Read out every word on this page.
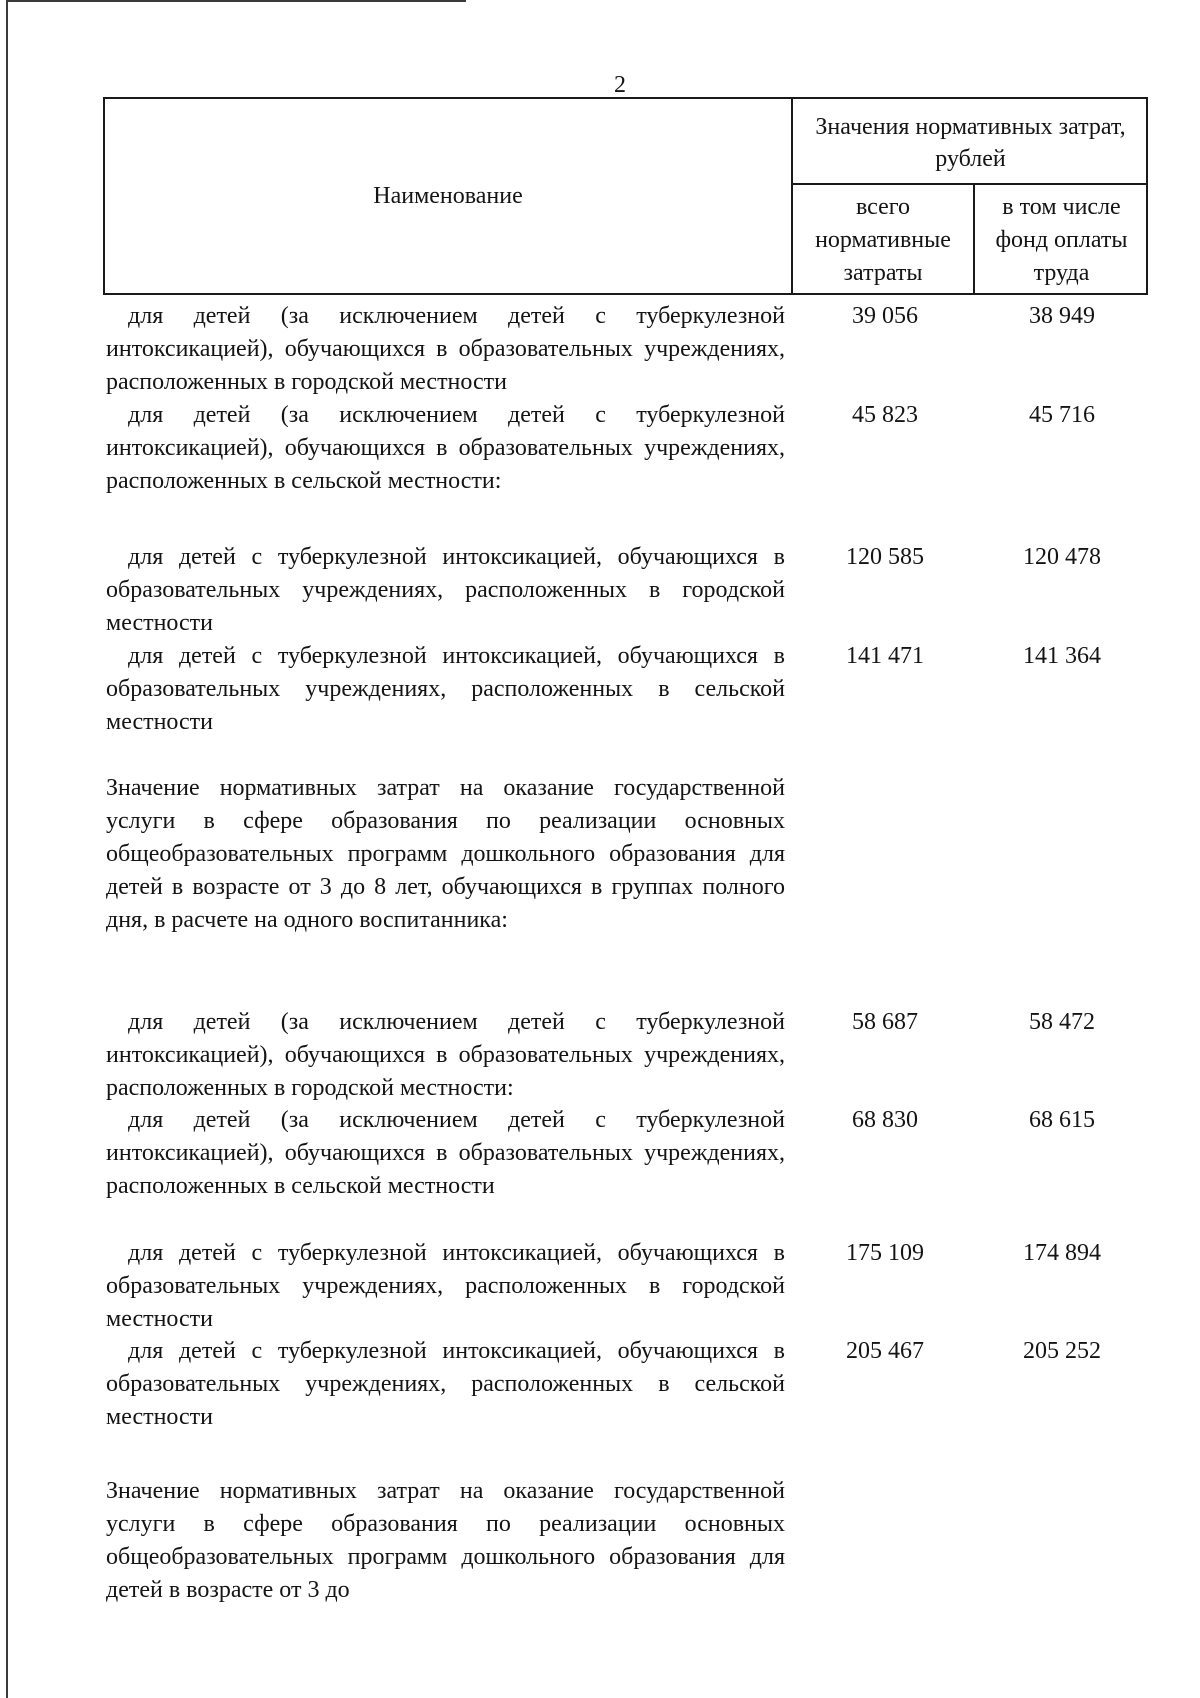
2
Наименование
Значения нормативных затрат, рублей
всего нормативные затраты
в том числе фонд оплаты труда
для детей (за исключением детей с туберкулезной интоксикацией), обучающихся в образовательных учреждениях, расположенных в городской местности
39 056	38 949
для детей (за исключением детей с туберкулезной интоксикацией), обучающихся в образовательных учреждениях, расположенных в сельской местности:
45 823	45 716
для детей с туберкулезной интоксикацией, обучающихся в образовательных учреждениях, расположенных в городской местности
120 585	120 478
для детей с туберкулезной интоксикацией, обучающихся в образовательных учреждениях, расположенных в сельской местности
141 471	141 364
Значение нормативных затрат на оказание государственной услуги в сфере образования по реализации основных общеобразовательных программ дошкольного образования для детей в возрасте от 3 до 8 лет, обучающихся в группах полного дня, в расчете на одного воспитанника:
для детей (за исключением детей с туберкулезной интоксикацией), обучающихся в образовательных учреждениях, расположенных в городской местности:
58 687	58 472
для детей (за исключением детей с туберкулезной интоксикацией), обучающихся в образовательных учреждениях, расположенных в сельской местности
68 830	68 615
для детей с туберкулезной интоксикацией, обучающихся в образовательных учреждениях, расположенных в городской местности
175 109	174 894
для детей с туберкулезной интоксикацией, обучающихся в образовательных учреждениях, расположенных в сельской местности
205 467	205 252
Значение нормативных затрат на оказание государственной услуги в сфере образования по реализации основных общеобразовательных программ дошкольного образования для детей в возрасте от 3 до
